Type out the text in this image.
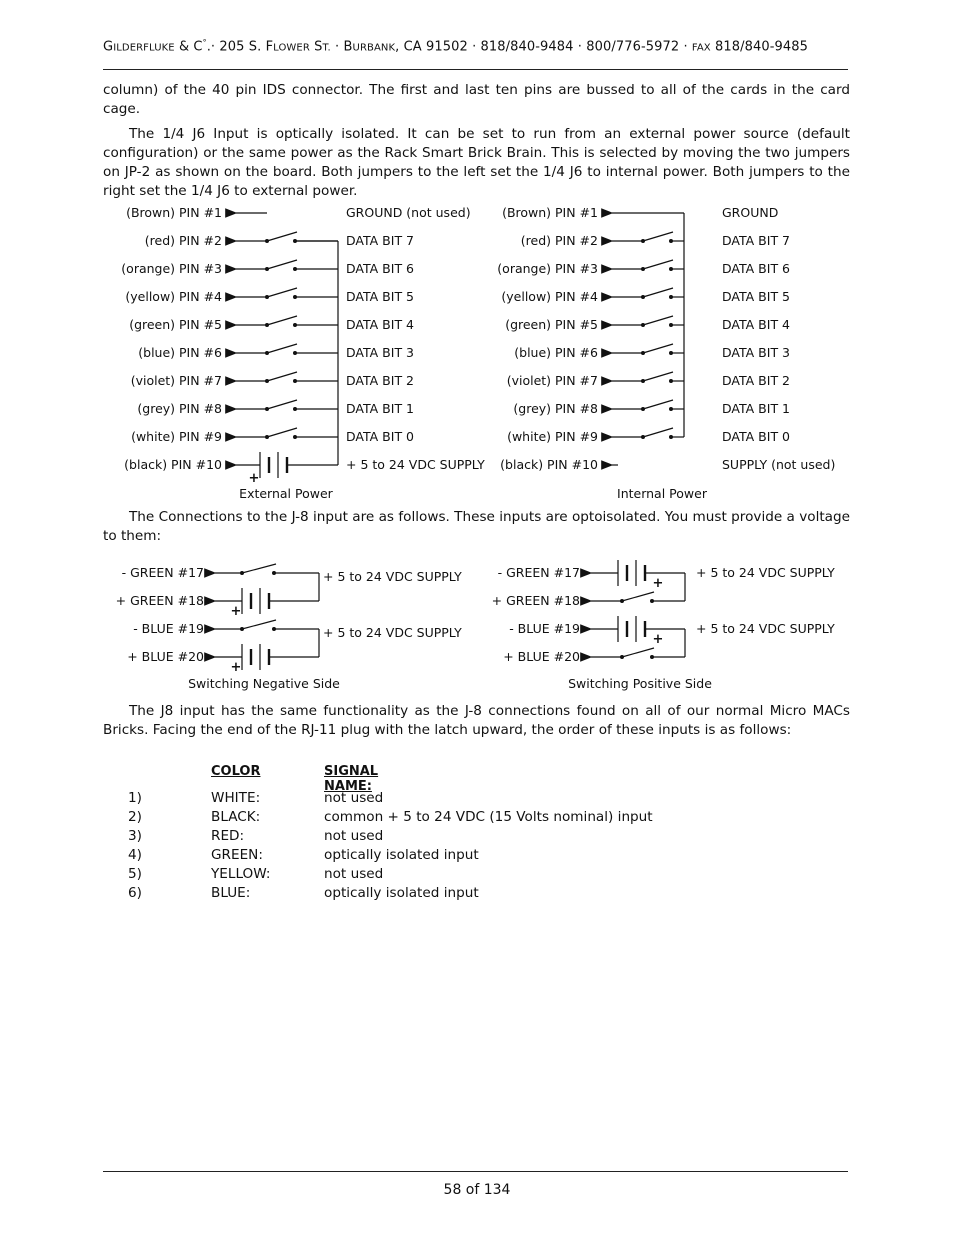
GILDERFLUKE & C°.· 205 S. FLOWER ST. · BURBANK, CA 91502 · 818/840-9484 · 800/776-5972 · FAX 818/840-9485
column) of the 40 pin IDS connector. The first and last ten pins are bussed to all of the cards in the card cage.
The 1/4 J6 Input is optically isolated. It can be set to run from an external power source (default configuration) or the same power as the Rack Smart Brick Brain. This is selected by moving the two jumpers on JP-2 as shown on the board. Both jumpers to the left set the 1/4 J6 to internal power. Both jumpers to the right set the 1/4 J6 to external power.
(Brown) PIN #1
(red) PIN #2
(orange) PIN #3
(yellow) PIN #4
(green) PIN #5
(blue) PIN #6
(violet) PIN #7
(grey) PIN #8
(white) PIN #9
(black) PIN #10
GROUND (not used)
DATA BIT 7
DATA BIT 6
DATA BIT 5
DATA BIT 4
DATA BIT 3
DATA BIT 2
DATA BIT 1
DATA BIT 0
+ 5 to 24 VDC SUPPLY
+
External Power
(Brown) PIN #1
(red) PIN #2
(orange) PIN #3
(yellow) PIN #4
(green) PIN #5
(blue) PIN #6
(violet) PIN #7
(grey) PIN #8
(white) PIN #9
(black) PIN #10
GROUND
DATA BIT 7
DATA BIT 6
DATA BIT 5
DATA BIT 4
DATA BIT 3
DATA BIT 2
DATA BIT 1
DATA BIT 0
SUPPLY (not used)
Internal Power
The Connections to the J-8 input are as follows. These inputs are optoisolated. You must provide a voltage to them:
- GREEN #17
+ GREEN #18
- BLUE #19
+ BLUE #20
+
+ 5 to 24 VDC SUPPLY
+
+ 5 to 24 VDC SUPPLY
Switching Negative Side
- GREEN #17
+ GREEN #18
- BLUE #19
+ BLUE #20
+
+ 5 to 24 VDC SUPPLY
+
+ 5 to 24 VDC SUPPLY
Switching Positive Side
The J8 input has the same functionality as the J-8 connections found on all of our normal Micro MACs Bricks. Facing the end of the RJ-11 plug with the latch upward, the order of these inputs is as follows:
COLOR	SIGNAL NAME:
1)	WHITE:	not used
2)	BLACK:	common + 5 to 24 VDC (15 Volts nominal) input
3)	RED:	not used
4)	GREEN:	optically isolated input
5)	YELLOW:	not used
6)	BLUE:	optically isolated input
58 of 134
